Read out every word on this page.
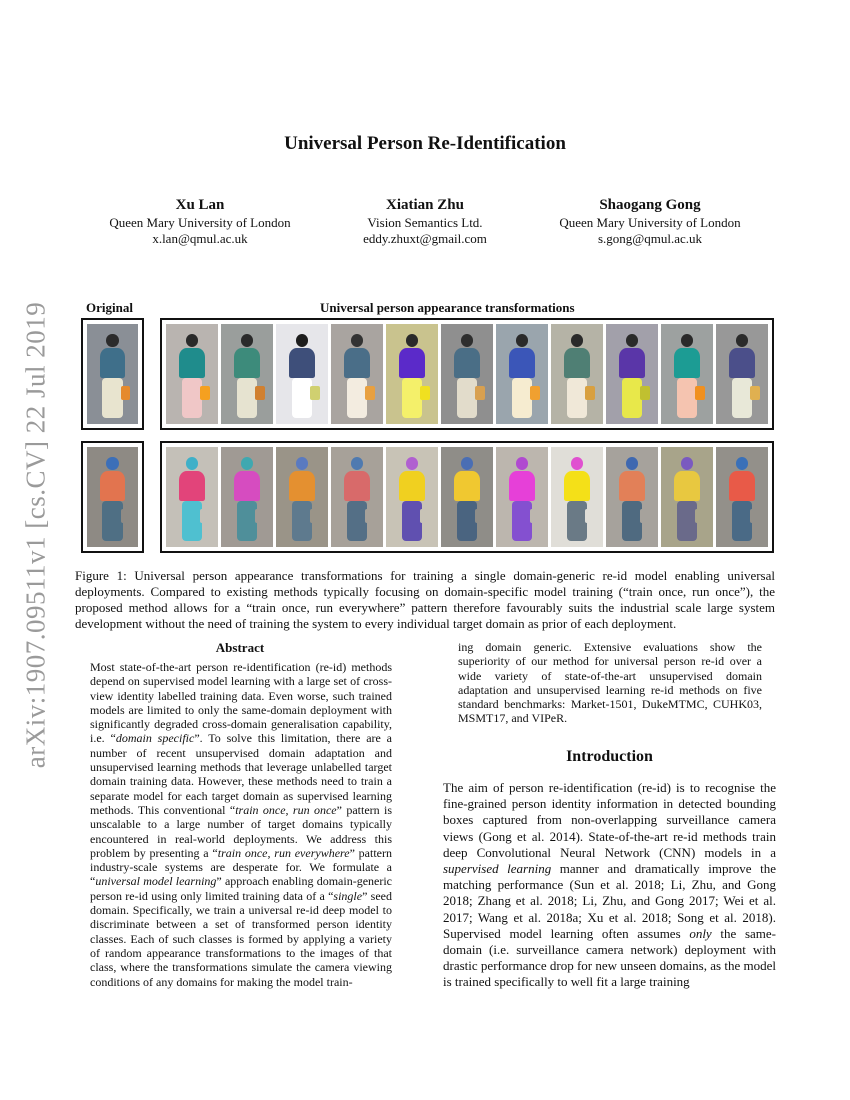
arXiv:1907.09511v1 [cs.CV] 22 Jul 2019
Universal Person Re-Identification
Xu Lan
Queen Mary University of London
x.lan@qmul.ac.uk
Xiatian Zhu
Vision Semantics Ltd.
eddy.zhuxt@gmail.com
Shaogang Gong
Queen Mary University of London
s.gong@qmul.ac.uk
Original	Universal person appearance transformations
Figure 1: Universal person appearance transformations for training a single domain-generic re-id model enabling universal deployments. Compared to existing methods typically focusing on domain-specific model training (“train once, run once”), the proposed method allows for a “train once, run everywhere” pattern therefore favourably suits the industrial scale large system development without the need of training the system to every individual target domain as prior of each deployment.
Abstract

Most state-of-the-art person re-identification (re-id) methods depend on supervised model learning with a large set of cross-view identity labelled training data. Even worse, such trained models are limited to only the same-domain deployment with significantly degraded cross-domain generalisation capability, i.e. “domain specific”. To solve this limitation, there are a number of recent unsupervised domain adaptation and unsupervised learning methods that leverage unlabelled target domain training data. However, these methods need to train a separate model for each target domain as supervised learning methods. This conventional “train once, run once” pattern is unscalable to a large number of target domains typically encountered in real-world deployments. We address this problem by presenting a “train once, run everywhere” pattern industry-scale systems are desperate for. We formulate a “universal model learning” approach enabling domain-generic person re-id using only limited training data of a “single” seed domain. Specifically, we train a universal re-id deep model to discriminate between a set of transformed person identity classes. Each of such classes is formed by applying a variety of random appearance transformations to the images of that class, where the transformations simulate the camera viewing conditions of any domains for making the model train-

ing domain generic. Extensive evaluations show the superiority of our method for universal person re-id over a wide variety of state-of-the-art unsupervised domain adaptation and unsupervised learning re-id methods on five standard benchmarks: Market-1501, DukeMTMC, CUHK03, MSMT17, and VIPeR.
Introduction

The aim of person re-identification (re-id) is to recognise the fine-grained person identity information in detected bounding boxes captured from non-overlapping surveillance camera views (Gong et al. 2014). State-of-the-art re-id methods train deep Convolutional Neural Network (CNN) models in a supervised learning manner and dramatically improve the matching performance (Sun et al. 2018; Li, Zhu, and Gong 2018; Zhang et al. 2018; Li, Zhu, and Gong 2017; Wei et al. 2017; Wang et al. 2018a; Xu et al. 2018; Song et al. 2018). Supervised model learning often assumes only the same-domain (i.e. surveillance camera network) deployment with drastic performance drop for new unseen domains, as the model is trained specifically to well fit a large training
